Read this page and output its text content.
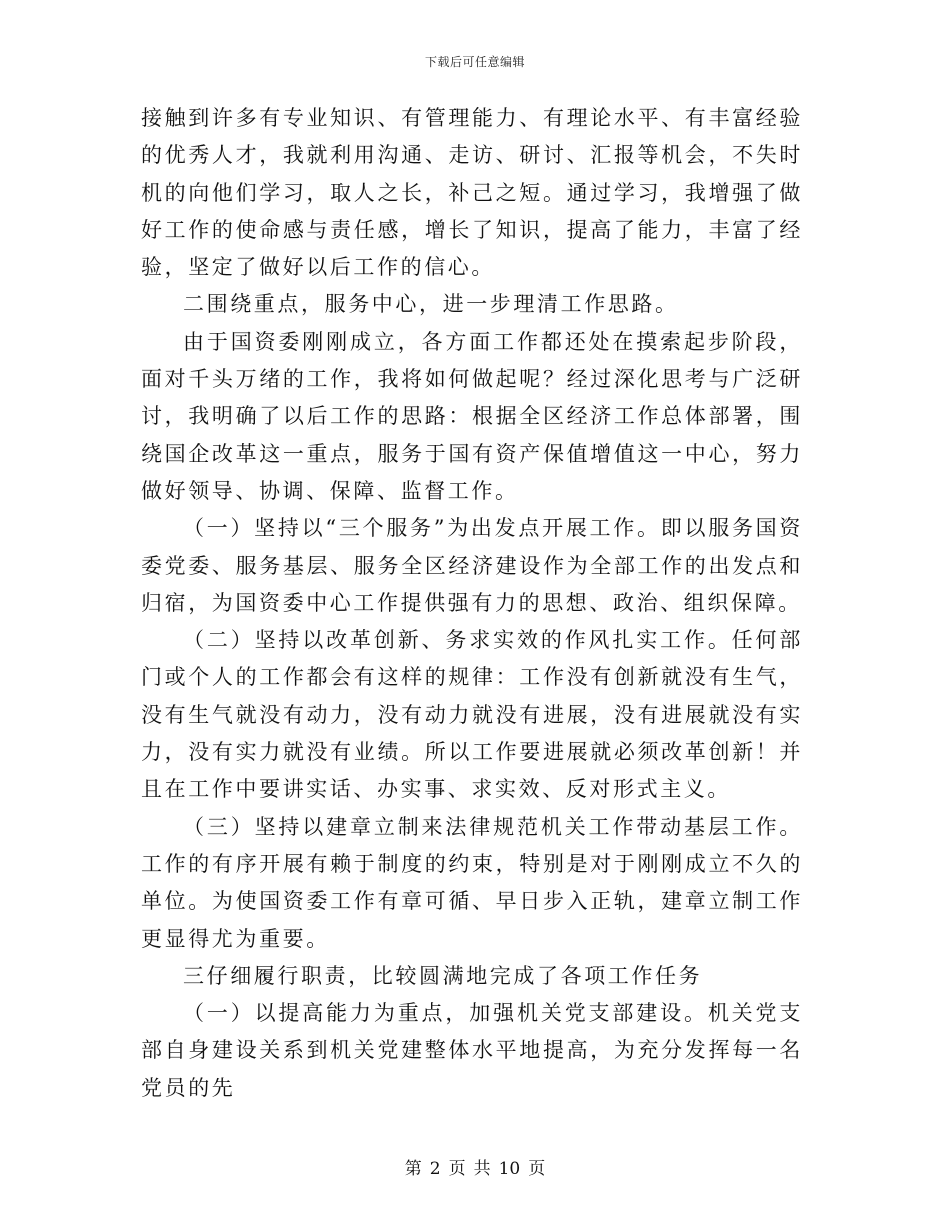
下载后可任意编辑

接触到许多有专业知识、有管理能力、有理论水平、有丰富经验的优秀人才，我就利用沟通、走访、研讨、汇报等机会，不失时机的向他们学习，取人之长，补己之短。通过学习，我增强了做好工作的使命感与责任感，增长了知识，提高了能力，丰富了经验，坚定了做好以后工作的信心。

二围绕重点，服务中心，进一步理清工作思路。

由于国资委刚刚成立，各方面工作都还处在摸索起步阶段，面对千头万绪的工作，我将如何做起呢？经过深化思考与广泛研讨，我明确了以后工作的思路：根据全区经济工作总体部署，围绕国企改革这一重点，服务于国有资产保值增值这一中心，努力做好领导、协调、保障、监督工作。

（一）坚持以“三个服务”为出发点开展工作。即以服务国资委党委、服务基层、服务全区经济建设作为全部工作的出发点和归宿，为国资委中心工作提供强有力的思想、政治、组织保障。

（二）坚持以改革创新、务求实效的作风扎实工作。任何部门或个人的工作都会有这样的规律：工作没有创新就没有生气，没有生气就没有动力，没有动力就没有进展，没有进展就没有实力，没有实力就没有业绩。所以工作要进展就必须改革创新！并且在工作中要讲实话、办实事、求实效、反对形式主义。

（三）坚持以建章立制来法律规范机关工作带动基层工作。工作的有序开展有赖于制度的约束，特别是对于刚刚成立不久的单位。为使国资委工作有章可循、早日步入正轨，建章立制工作更显得尤为重要。

三仔细履行职责，比较圆满地完成了各项工作任务

（一）以提高能力为重点，加强机关党支部建设。机关党支部自身建设关系到机关党建整体水平地提高，为充分发挥每一名党员的先

第 2 页 共 10 页
